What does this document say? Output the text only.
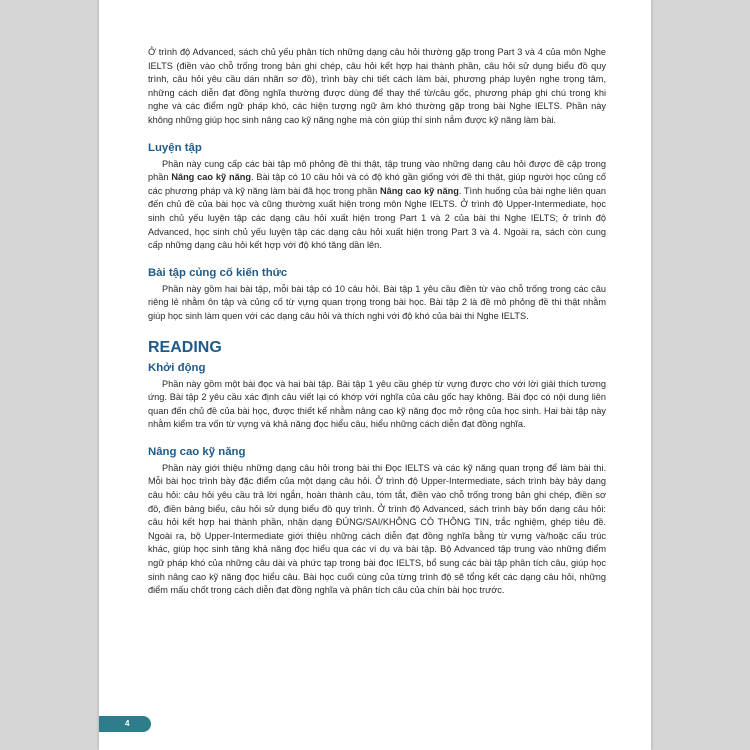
Ở trình độ Advanced, sách chủ yếu phân tích những dạng câu hỏi thường gặp trong Part 3 và 4 của môn Nghe IELTS (điền vào chỗ trống trong bản ghi chép, câu hỏi kết hợp hai thành phần, câu hỏi sử dụng biểu đồ quy trình, câu hỏi yêu cầu dán nhãn sơ đồ), trình bày chi tiết cách làm bài, phương pháp luyện nghe trọng tâm, những cách diễn đạt đồng nghĩa thường được dùng để thay thế từ/câu gốc, phương pháp ghi chú trong khi nghe và các điểm ngữ pháp khó, các hiện tượng ngữ âm khó thường gặp trong bài Nghe IELTS. Phần này không những giúp học sinh nâng cao kỹ năng nghe mà còn giúp thí sinh nắm được kỹ năng làm bài.

Luyện tập

Phần này cung cấp các bài tập mô phỏng đề thi thật, tập trung vào những dạng câu hỏi được đề cập trong phần Nâng cao kỹ năng. Bài tập có 10 câu hỏi và có độ khó gần giống với đề thi thật, giúp người học củng cố các phương pháp và kỹ năng làm bài đã học trong phần Nâng cao kỹ năng. Tình huống của bài nghe liên quan đến chủ đề của bài học và cũng thường xuất hiện trong môn Nghe IELTS. Ở trình độ Upper-Intermediate, học sinh chủ yếu luyện tập các dạng câu hỏi xuất hiện trong Part 1 và 2 của bài thi Nghe IELTS; ở trình độ Advanced, học sinh chủ yếu luyện tập các dạng câu hỏi xuất hiện trong Part 3 và 4. Ngoài ra, sách còn cung cấp những dạng câu hỏi kết hợp với độ khó tăng dần lên.

Bài tập củng cố kiến thức

Phần này gồm hai bài tập, mỗi bài tập có 10 câu hỏi. Bài tập 1 yêu cầu điền từ vào chỗ trống trong các câu riêng lẻ nhằm ôn tập và củng cố từ vựng quan trọng trong bài học. Bài tập 2 là đề mô phỏng đề thi thật nhằm giúp học sinh làm quen với các dạng câu hỏi và thích nghi với độ khó của bài thi Nghe IELTS.

READING
Khởi động

Phần này gồm một bài đọc và hai bài tập. Bài tập 1 yêu cầu ghép từ vựng được cho với lời giải thích tương ứng. Bài tập 2 yêu cầu xác định câu viết lại có khớp với nghĩa của câu gốc hay không. Bài đọc có nội dung liên quan đến chủ đề của bài học, được thiết kế nhằm nâng cao kỹ năng đọc mở rộng của học sinh. Hai bài tập này nhằm kiểm tra vốn từ vựng và khả năng đọc hiểu câu, hiểu những cách diễn đạt đồng nghĩa.

Nâng cao kỹ năng

Phần này giới thiệu những dạng câu hỏi trong bài thi Đọc IELTS và các kỹ năng quan trọng để làm bài thi. Mỗi bài học trình bày đặc điểm của một dạng câu hỏi. Ở trình độ Upper-Intermediate, sách trình bày bảy dạng câu hỏi: câu hỏi yêu cầu trả lời ngắn, hoàn thành câu, tóm tắt, điền vào chỗ trống trong bản ghi chép, điền sơ đồ, điền bảng biểu, câu hỏi sử dụng biểu đồ quy trình. Ở trình độ Advanced, sách trình bày bốn dạng câu hỏi: câu hỏi kết hợp hai thành phần, nhận dạng ĐÚNG/SAI/KHÔNG CÓ THÔNG TIN, trắc nghiệm, ghép tiêu đề. Ngoài ra, bộ Upper-Intermediate giới thiệu những cách diễn đạt đồng nghĩa bằng từ vựng và/hoặc cấu trúc khác, giúp học sinh tăng khả năng đọc hiểu qua các ví dụ và bài tập. Bộ Advanced tập trung vào những điểm ngữ pháp khó của những câu dài và phức tạp trong bài đọc IELTS, bổ sung các bài tập phân tích câu, giúp học sinh nâng cao kỹ năng đọc hiểu câu. Bài học cuối cùng của từng trình độ sẽ tổng kết các dạng câu hỏi, những điểm mấu chốt trong cách diễn đạt đồng nghĩa và phân tích câu của chín bài học trước.

4
